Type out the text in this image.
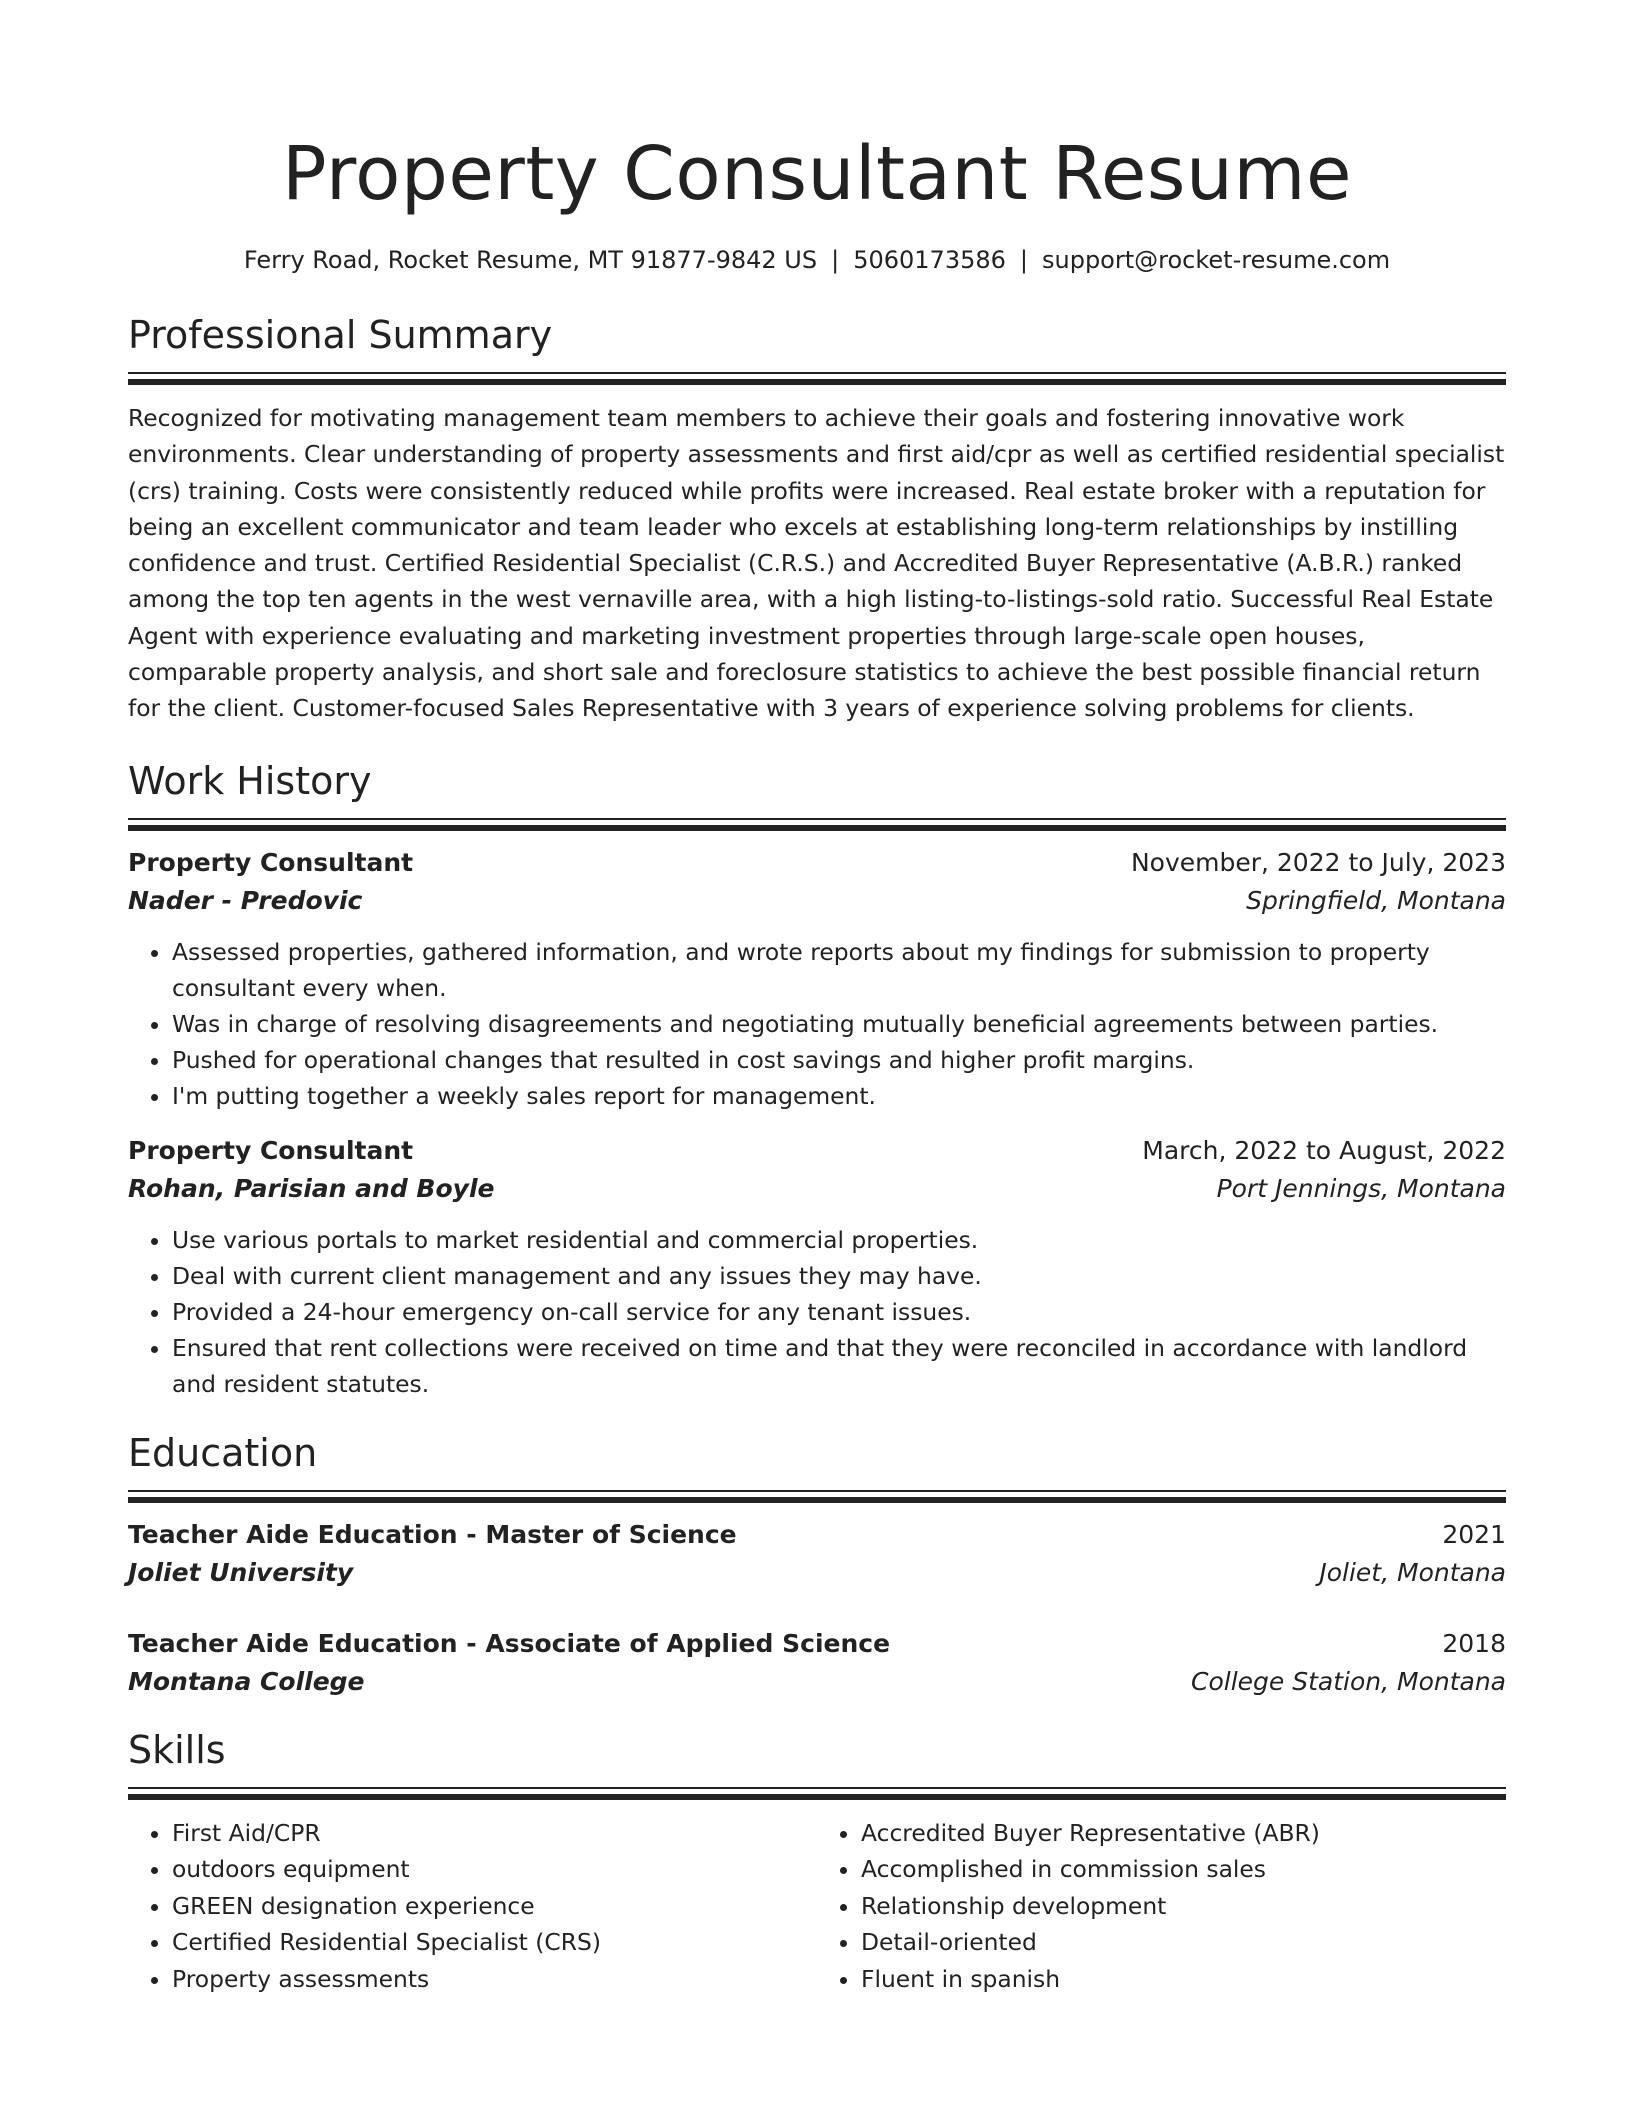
Property Consultant Resume
Ferry Road, Rocket Resume, MT 91877-9842 US | 5060173586 | support@rocket-resume.com
Professional Summary
Recognized for motivating management team members to achieve their goals and fostering innovative work environments. Clear understanding of property assessments and first aid/cpr as well as certified residential specialist (crs) training. Costs were consistently reduced while profits were increased. Real estate broker with a reputation for being an excellent communicator and team leader who excels at establishing long-term relationships by instilling confidence and trust. Certified Residential Specialist (C.R.S.) and Accredited Buyer Representative (A.B.R.) ranked among the top ten agents in the west vernaville area, with a high listing-to-listings-sold ratio. Successful Real Estate Agent with experience evaluating and marketing investment properties through large-scale open houses, comparable property analysis, and short sale and foreclosure statistics to achieve the best possible financial return for the client. Customer-focused Sales Representative with 3 years of experience solving problems for clients.
Work History
Property Consultant	November, 2022 to July, 2023
Nader - Predovic	Springfield, Montana
• Assessed properties, gathered information, and wrote reports about my findings for submission to property consultant every when.
• Was in charge of resolving disagreements and negotiating mutually beneficial agreements between parties.
• Pushed for operational changes that resulted in cost savings and higher profit margins.
• I'm putting together a weekly sales report for management.
Property Consultant	March, 2022 to August, 2022
Rohan, Parisian and Boyle	Port Jennings, Montana
• Use various portals to market residential and commercial properties.
• Deal with current client management and any issues they may have.
• Provided a 24-hour emergency on-call service for any tenant issues.
• Ensured that rent collections were received on time and that they were reconciled in accordance with landlord and resident statutes.
Education
Teacher Aide Education - Master of Science	2021
Joliet University	Joliet, Montana
Teacher Aide Education - Associate of Applied Science	2018
Montana College	College Station, Montana
Skills
• First Aid/CPR
• outdoors equipment
• GREEN designation experience
• Certified Residential Specialist (CRS)
• Property assessments
• Accredited Buyer Representative (ABR)
• Accomplished in commission sales
• Relationship development
• Detail-oriented
• Fluent in spanish
